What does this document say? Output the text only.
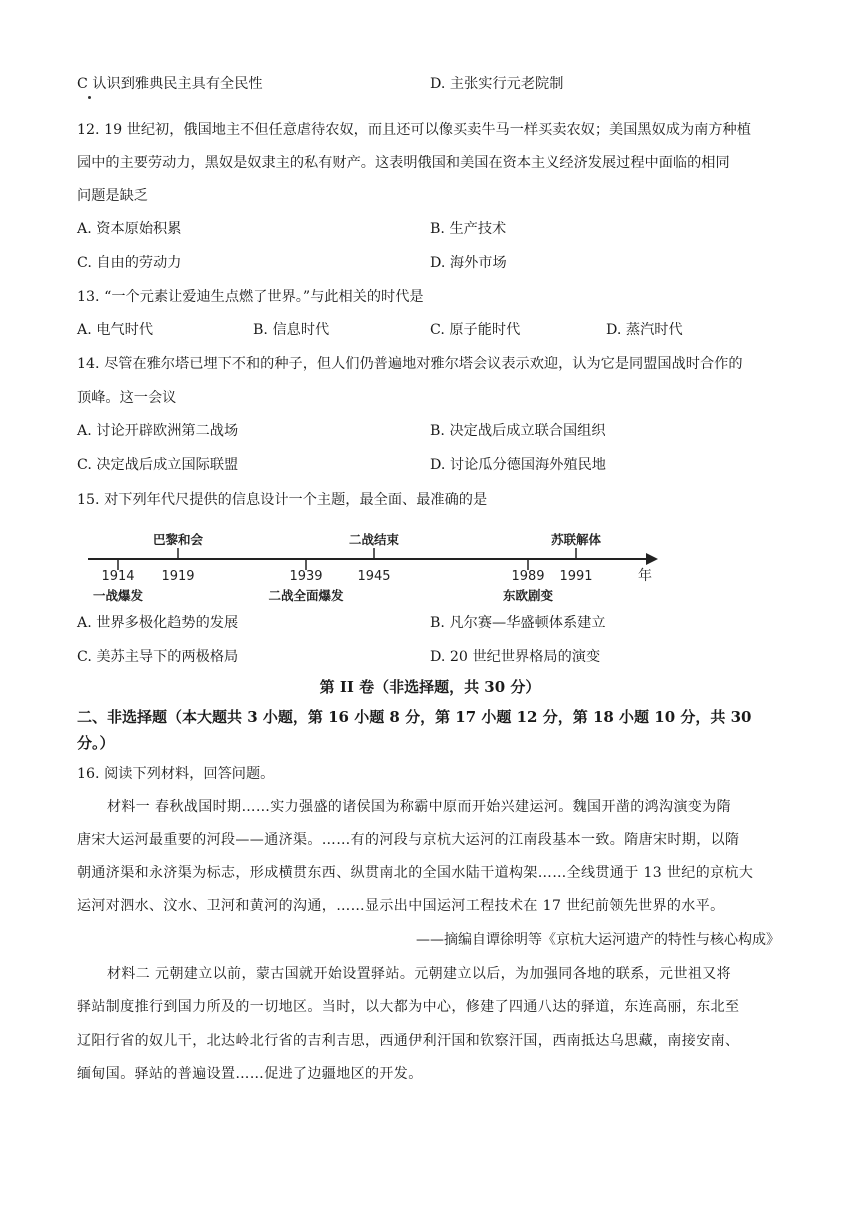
C 认识到雅典民主具有全民性	D. 主张实行元老院制
12. 19 世纪初，俄国地主不但任意虐待农奴，而且还可以像买卖牛马一样买卖农奴；美国黑奴成为南方种植
园中的主要劳动力，黑奴是奴隶主的私有财产。这表明俄国和美国在资本主义经济发展过程中面临的相同
问题是缺乏
A. 资本原始积累	B. 生产技术
C. 自由的劳动力	D. 海外市场
13. “一个元素让爱迪生点燃了世界。”与此相关的时代是
A. 电气时代	B. 信息时代	C. 原子能时代	D. 蒸汽时代
14. 尽管在雅尔塔已埋下不和的种子，但人们仍普遍地对雅尔塔会议表示欢迎，认为它是同盟国战时合作的
顶峰。这一会议
A. 讨论开辟欧洲第二战场	B. 决定战后成立联合国组织
C. 决定战后成立国际联盟	D. 讨论瓜分德国海外殖民地
15. 对下列年代尺提供的信息设计一个主题，最全面、最准确的是
年
1914
一战爆发
1919
巴黎和会
1939
二战全面爆发
1945
二战结束
1989
东欧剧变
1991
苏联解体
A. 世界多极化趋势的发展	B. 凡尔赛—华盛顿体系建立
C. 美苏主导下的两极格局	D. 20 世纪世界格局的演变
第 II 卷（非选择题，共 30 分）
二、非选择题（本大题共 3 小题，第 16 小题 8 分，第 17 小题 12 分，第 18 小题 10 分，共 30
分。）
16. 阅读下列材料，回答问题。
材料一 春秋战国时期……实力强盛的诸侯国为称霸中原而开始兴建运河。魏国开凿的鸿沟演变为隋
唐宋大运河最重要的河段——通济渠。……有的河段与京杭大运河的江南段基本一致。隋唐宋时期，以隋
朝通济渠和永济渠为标志，形成横贯东西、纵贯南北的全国水陆干道构架……全线贯通于 13 世纪的京杭大
运河对泗水、汶水、卫河和黄河的沟通，……显示出中国运河工程技术在 17 世纪前领先世界的水平。
——摘编自谭徐明等《京杭大运河遗产的特性与核心构成》
材料二 元朝建立以前，蒙古国就开始设置驿站。元朝建立以后，为加强同各地的联系，元世祖又将
驿站制度推行到国力所及的一切地区。当时，以大都为中心，修建了四通八达的驿道，东连高丽，东北至
辽阳行省的奴儿干，北达岭北行省的吉利吉思，西通伊利汗国和钦察汗国，西南抵达乌思藏，南接安南、
缅甸国。驿站的普遍设置……促进了边疆地区的开发。
